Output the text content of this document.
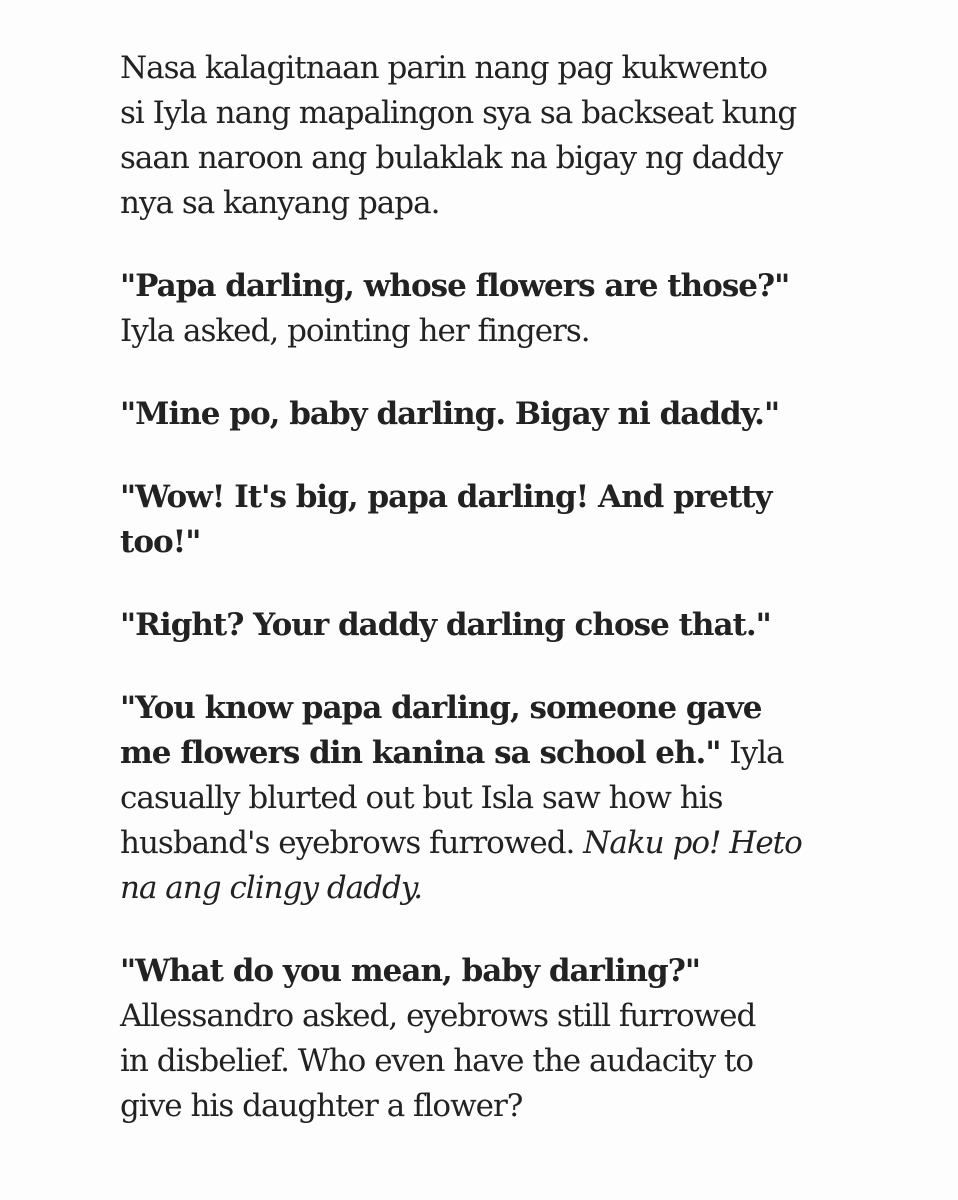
Nasa kalagitnaan parin nang pag kukwento
si Iyla nang mapalingon sya sa backseat kung
saan naroon ang bulaklak na bigay ng daddy
nya sa kanyang papa.

"Papa darling, whose flowers are those?"
Iyla asked, pointing her fingers.

"Mine po, baby darling. Bigay ni daddy."

"Wow! It's big, papa darling! And pretty
too!"

"Right? Your daddy darling chose that."

"You know papa darling, someone gave
me flowers din kanina sa school eh." Iyla
casually blurted out but Isla saw how his
husband's eyebrows furrowed. Naku po! Heto
na ang clingy daddy.

"What do you mean, baby darling?"
Allessandro asked, eyebrows still furrowed
in disbelief. Who even have the audacity to
give his daughter a flower?
